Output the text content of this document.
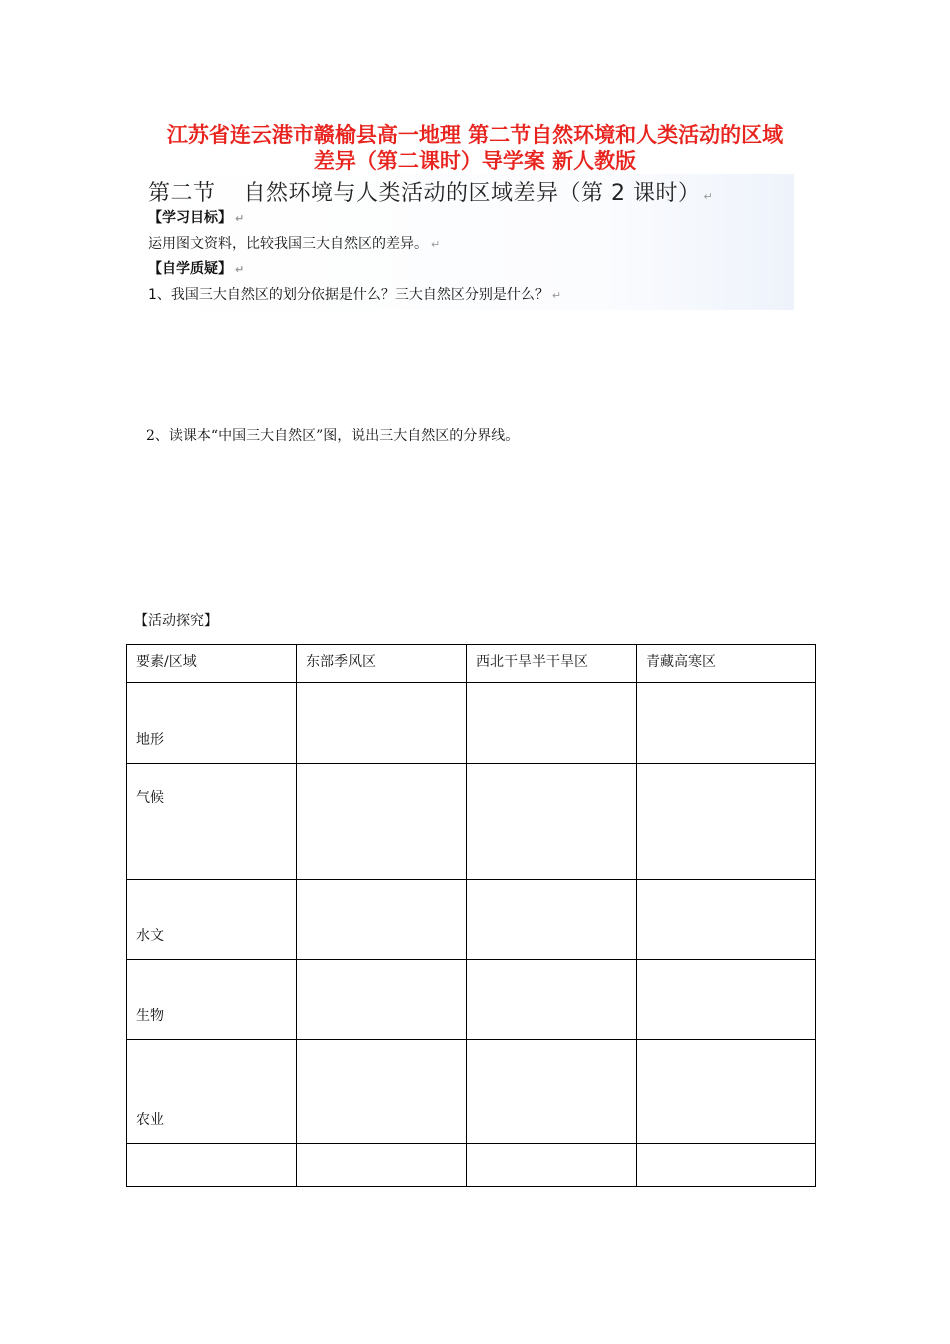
江苏省连云港市赣榆县高一地理 第二节自然环境和人类活动的区域
差异（第二课时）导学案 新人教版
第二节 自然环境与人类活动的区域差异（第 2 课时） ↵
【学习目标】 ↵
运用图文资料，比较我国三大自然区的差异。 ↵
【自学质疑】 ↵
1、我国三大自然区的划分依据是什么？三大自然区分别是什么？ ↵
2、读课本“中国三大自然区”图，说出三大自然区的分界线。
【活动探究】
要素/区域	东部季风区	西北干旱半干旱区	青藏高寒区
地形			
气候			
水文			
生物			
农业			
